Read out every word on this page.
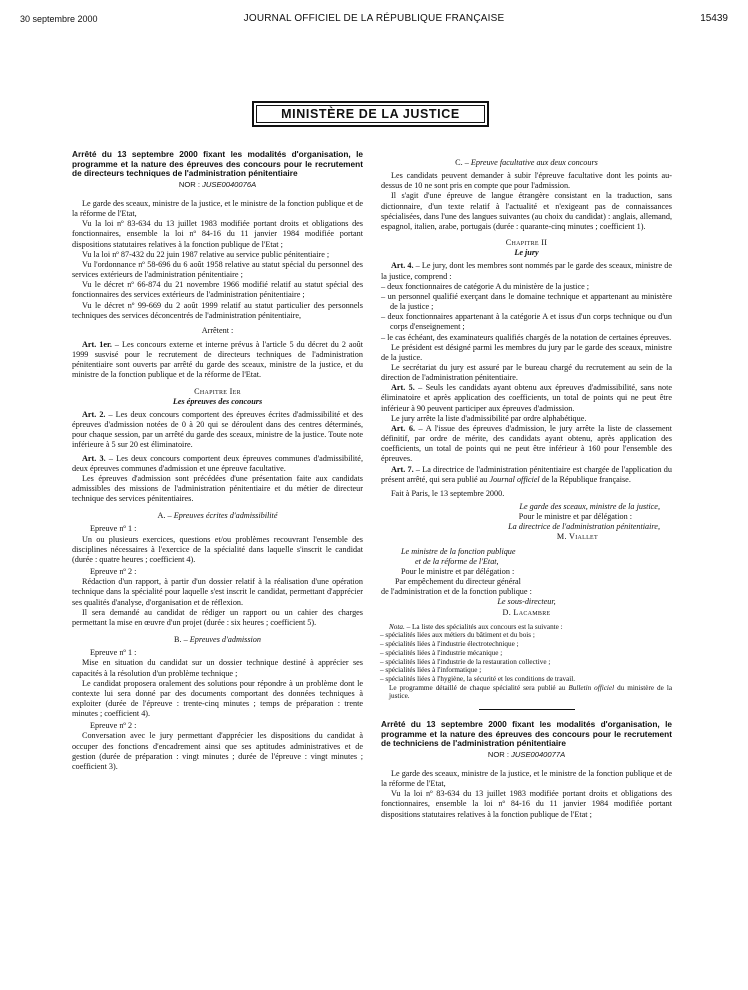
30 septembre 2000	JOURNAL OFFICIEL DE LA RÉPUBLIQUE FRANÇAISE	15439
MINISTÈRE DE LA JUSTICE
Arrêté du 13 septembre 2000 fixant les modalités d'organisation, le programme et la nature des épreuves des concours pour le recrutement de directeurs techniques de l'administration pénitentiaire
NOR : JUSE0040076A

Le garde des sceaux, ministre de la justice, et le ministre de la fonction publique et de la réforme de l'Etat,

Vu la loi nº 83-634 du 13 juillet 1983 modifiée portant droits et obligations des fonctionnaires, ensemble la loi nº 84-16 du 11 janvier 1984 modifiée portant dispositions statutaires relatives à la fonction publique de l'Etat ;

Vu la loi nº 87-432 du 22 juin 1987 relative au service public pénitentiaire ;

Vu l'ordonnance nº 58-696 du 6 août 1958 relative au statut spécial du personnel des services extérieurs de l'administration pénitentiaire ;

Vu le décret nº 66-874 du 21 novembre 1966 modifié relatif au statut spécial des fonctionnaires des services extérieurs de l'administration pénitentiaire ;

Vu le décret nº 99-669 du 2 août 1999 relatif au statut particulier des personnels techniques des services déconcentrés de l'administration pénitentiaire,

Arrêtent :

Art. 1er. – Les concours externe et interne prévus à l'article 5 du décret du 2 août 1999 susvisé pour le recrutement de directeurs techniques de l'administration pénitentiaire sont ouverts par arrêté du garde des sceaux, ministre de la justice, et du ministre de la fonction publique et de la réforme de l'Etat.

Chapitre Ier
Les épreuves des concours

Art. 2. – Les deux concours comportent des épreuves écrites d'admissibilité et des épreuves d'admission notées de 0 à 20 qui se déroulent dans des centres déterminés, pour chaque session, par un arrêté du garde des sceaux, ministre de la justice. Toute note inférieure à 5 sur 20 est éliminatoire.

Art. 3. – Les deux concours comportent deux épreuves communes d'admissibilité, deux épreuves communes d'admission et une épreuve facultative.

Les épreuves d'admission sont précédées d'une présentation faite aux candidats admissibles des missions de l'administration pénitentiaire et du métier de directeur technique des services pénitentiaires.

A. – Epreuves écrites d'admissibilité

Epreuve nº 1 :

Un ou plusieurs exercices, questions et/ou problèmes recouvrant l'ensemble des disciplines nécessaires à l'exercice de la spécialité dans laquelle s'inscrit le candidat (durée : quatre heures ; coefficient 4).

Epreuve nº 2 :

Rédaction d'un rapport, à partir d'un dossier relatif à la réalisation d'une opération technique dans la spécialité pour laquelle s'est inscrit le candidat, permettant d'apprécier ses qualités d'analyse, d'organisation et de réflexion.

Il sera demandé au candidat de rédiger un rapport ou un cahier des charges permettant la mise en œuvre d'un projet (durée : six heures ; coefficient 5).

B. – Epreuves d'admission

Epreuve nº 1 :

Mise en situation du candidat sur un dossier technique destiné à apprécier ses capacités à la résolution d'un problème technique ;

Le candidat proposera oralement des solutions pour répondre à un problème dont le contexte lui sera donné par des documents comportant des données techniques à exploiter (durée de l'épreuve : trente-cinq minutes ; temps de préparation : trente minutes ; coefficient 4).

Epreuve nº 2 :

Conversation avec le jury permettant d'apprécier les dispositions du candidat à occuper des fonctions d'encadrement ainsi que ses aptitudes administratives et de gestion (durée de préparation : vingt minutes ; durée de l'épreuve : vingt minutes ; coefficient 3).

C. – Epreuve facultative aux deux concours

Les candidats peuvent demander à subir l'épreuve facultative dont les points au-dessus de 10 ne sont pris en compte que pour l'admission.

Il s'agit d'une épreuve de langue étrangère consistant en la traduction, sans dictionnaire, d'un texte relatif à l'actualité et n'exigeant pas de connaissances spécialisées, dans l'une des langues suivantes (au choix du candidat) : anglais, allemand, espagnol, italien, arabe, portugais (durée : quarante-cinq minutes ; coefficient 1).

Chapitre II
Le jury

Art. 4. – Le jury, dont les membres sont nommés par le garde des sceaux, ministre de la justice, comprend :

– deux fonctionnaires de catégorie A du ministère de la justice ;

– un personnel qualifié exerçant dans le domaine technique et appartenant au ministère de la justice ;

– deux fonctionnaires appartenant à la catégorie A et issus d'un corps technique ou d'un corps d'enseignement ;

– le cas échéant, des examinateurs qualifiés chargés de la notation de certaines épreuves.

Le président est désigné parmi les membres du jury par le garde des sceaux, ministre de la justice.

Le secrétariat du jury est assuré par le bureau chargé du recrutement au sein de la direction de l'administration pénitentiaire.

Art. 5. – Seuls les candidats ayant obtenu aux épreuves d'admissibilité, sans note éliminatoire et après application des coefficients, un total de points qui ne peut être inférieur à 90 peuvent participer aux épreuves d'admission.

Le jury arrête la liste d'admissibilité par ordre alphabétique.

Art. 6. – A l'issue des épreuves d'admission, le jury arrête la liste de classement définitif, par ordre de mérite, des candidats ayant obtenu, après application des coefficients, un total de points qui ne peut être inférieur à 160 pour l'ensemble des épreuves.

Art. 7. – La directrice de l'administration pénitentiaire est chargée de l'application du présent arrêté, qui sera publié au Journal officiel de la République française.

Fait à Paris, le 13 septembre 2000.

Le garde des sceaux, ministre de la justice,

Pour le ministre et par délégation :

La directrice de l'administration pénitentiaire,

M. Viallet

Le ministre de la fonction publique

et de la réforme de l'Etat,

Pour le ministre et par délégation :

Par empêchement du directeur général

de l'administration et de la fonction publique :

Le sous-directeur,

D. Lacambre

Nota. – La liste des spécialités aux concours est la suivante :

– spécialités liées aux métiers du bâtiment et du bois ;

– spécialités liées à l'industrie électrotechnique ;

– spécialités liées à l'industrie mécanique ;

– spécialités liées à l'industrie de la restauration collective ;

– spécialités liées à l'informatique ;

– spécialités liées à l'hygiène, la sécurité et les conditions de travail.

Le programme détaillé de chaque spécialité sera publié au Bulletin officiel du ministère de la justice.

Arrêté du 13 septembre 2000 fixant les modalités d'organisation, le programme et la nature des épreuves des concours pour le recrutement de techniciens de l'administration pénitentiaire
NOR : JUSE0040077A

Le garde des sceaux, ministre de la justice, et le ministre de la fonction publique et de la réforme de l'Etat,

Vu la loi nº 83-634 du 13 juillet 1983 modifiée portant droits et obligations des fonctionnaires, ensemble la loi nº 84-16 du 11 janvier 1984 modifiée portant dispositions statutaires relatives à la fonction publique de l'Etat ;
